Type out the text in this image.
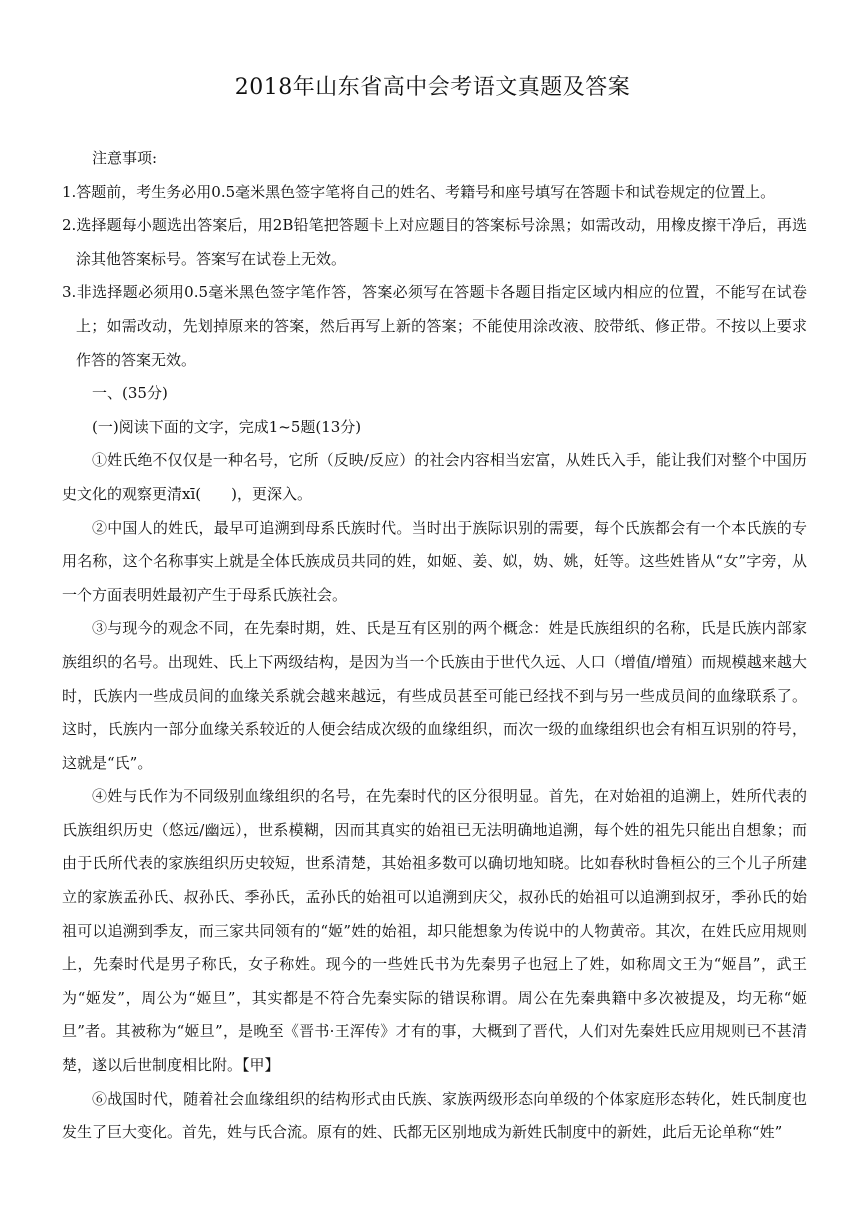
2018年山东省高中会考语文真题及答案

注意事项:

1.答题前，考生务必用0.5毫米黑色签字笔将自己的姓名、考籍号和座号填写在答题卡和试卷规定的位置上。

2.选择题每小题选出答案后，用2B铅笔把答题卡上对应题目的答案标号涂黑；如需改动，用橡皮擦干净后，再选涂其他答案标号。答案写在试卷上无效。

3.非选择题必须用0.5毫米黑色签字笔作答，答案必须写在答题卡各题目指定区域内相应的位置，不能写在试卷上；如需改动，先划掉原来的答案，然后再写上新的答案；不能使用涂改液、胶带纸、修正带。不按以上要求作答的答案无效。

一、(35分)

(一)阅读下面的文字，完成1~5题(13分)

①姓氏绝不仅仅是一种名号，它所（反映/反应）的社会内容相当宏富，从姓氏入手，能让我们对整个中国历史文化的观察更清xī(　　)，更深入。

②中国人的姓氏，最早可追溯到母系氏族时代。当时出于族际识别的需要，每个氏族都会有一个本氏族的专用名称，这个名称事实上就是全体氏族成员共同的姓，如姬、姜、姒，妫、姚，妊等。这些姓皆从“女”字旁，从一个方面表明姓最初产生于母系氏族社会。

③与现今的观念不同，在先秦时期，姓、氏是互有区别的两个概念：姓是氏族组织的名称，氏是氏族内部家族组织的名号。出现姓、氏上下两级结构，是因为当一个氏族由于世代久远、人口（增值/增殖）而规模越来越大时，氏族内一些成员间的血缘关系就会越来越远，有些成员甚至可能已经找不到与另一些成员间的血缘联系了。这时，氏族内一部分血缘关系较近的人便会结成次级的血缘组织，而次一级的血缘组织也会有相互识别的符号，这就是“氏”。

④姓与氏作为不同级别血缘组织的名号，在先秦时代的区分很明显。首先，在对始祖的追溯上，姓所代表的氏族组织历史（悠远/幽远），世系模糊，因而其真实的始祖已无法明确地追溯，每个姓的祖先只能出自想象；而由于氏所代表的家族组织历史较短，世系清楚，其始祖多数可以确切地知晓。比如春秋时鲁桓公的三个儿子所建立的家族孟孙氏、叔孙氏、季孙氏，孟孙氏的始祖可以追溯到庆父，叔孙氏的始祖可以追溯到叔牙，季孙氏的始祖可以追溯到季友，而三家共同领有的“姬”姓的始祖，却只能想象为传说中的人物黄帝。其次，在姓氏应用规则上，先秦时代是男子称氏，女子称姓。现今的一些姓氏书为先秦男子也冠上了姓，如称周文王为“姬昌”，武王为“姬发”，周公为“姬旦”，其实都是不符合先秦实际的错误称谓。周公在先秦典籍中多次被提及，均无称“姬旦”者。其被称为“姬旦”，是晚至《晋书·王浑传》才有的事，大概到了晋代，人们对先秦姓氏应用规则已不甚清楚，遂以后世制度相比附。【甲】

⑥战国时代，随着社会血缘组织的结构形式由氏族、家族两级形态向单级的个体家庭形态转化，姓氏制度也发生了巨大变化。首先，姓与氏合流。原有的姓、氏都无区别地成为新姓氏制度中的新姓，此后无论单称“姓”
